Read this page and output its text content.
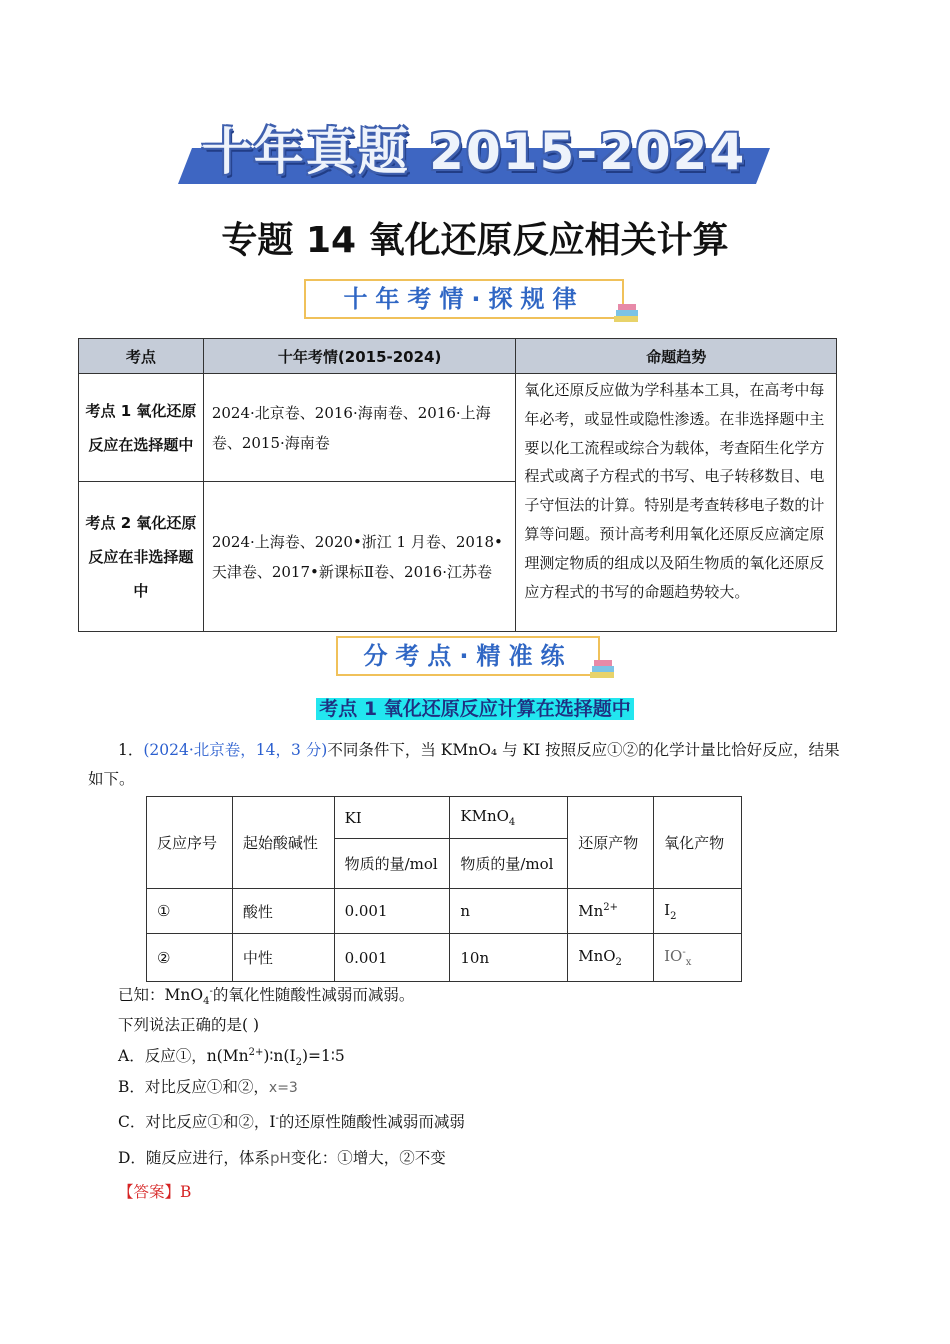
十年真题 2015-2024
专题 14 氧化还原反应相关计算
十年考情·探规律
考点	十年考情(2015-2024)	命题趋势
考点 1 氧化还原反应在选择题中	2024·北京卷、2016·海南卷、2016·上海卷、2015·海南卷	氧化还原反应做为学科基本工具，在高考中每年必考，或显性或隐性渗透。在非选择题中主要以化工流程或综合为载体，考查陌生化学方程式或离子方程式的书写、电子转移数目、电子守恒法的计算。特别是考查转移电子数的计算等问题。预计高考利用氧化还原反应滴定原理测定物质的组成以及陌生物质的氧化还原反应方程式的书写的命题趋势较大。
考点 2 氧化还原反应在非选择题中	2024·上海卷、2020•浙江 1 月卷、2018•天津卷、2017•新课标Ⅱ卷、2016·江苏卷	
分考点·精准练
考点 1 氧化还原反应计算在选择题中
1．(2024·北京卷，14，3 分)不同条件下，当 KMnO₄ 与 KI 按照反应①②的化学计量比恰好反应，结果
如下。
反应序号	起始酸碱性	KI	KMnO$_4$	还原产物	氧化产物
		物质的量/mol	物质的量/mol		
①	酸性	0.001	n	$Mn^{2+}$	$I_2$
②	中性	0.001	10n	MnO$_2$	$IO^-_x$
已知：MnO$_4$-的氧化性随酸性减弱而减弱。
下列说法正确的是( )
A．反应①，$n(Mn^{2+})∶n(I_2)=1∶5$
B．对比反应①和②，x=3
C．对比反应①和②，I-的还原性随酸性减弱而减弱
D．随反应进行，体系pH变化：①增大，②不变
【答案】B
